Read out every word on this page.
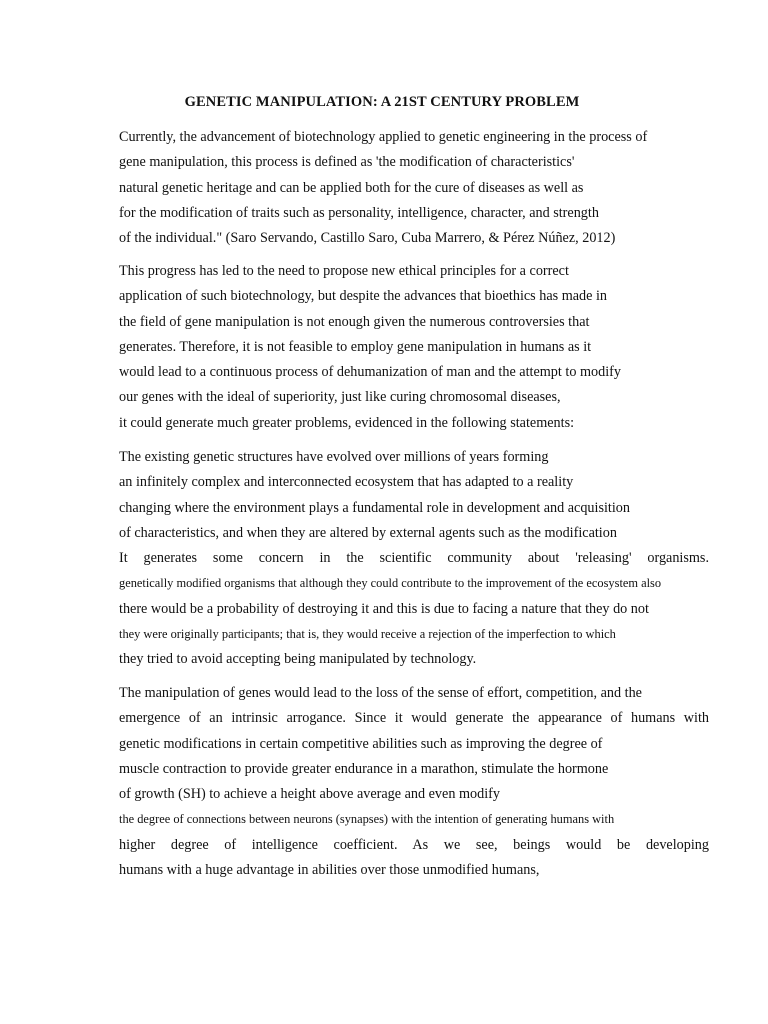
GENETIC MANIPULATION: A 21ST CENTURY PROBLEM
Currently, the advancement of biotechnology applied to genetic engineering in the process of
gene manipulation, this process is defined as 'the modification of characteristics'
natural genetic heritage and can be applied both for the cure of diseases as well as
for the modification of traits such as personality, intelligence, character, and strength
of the individual." (Saro Servando, Castillo Saro, Cuba Marrero, & Pérez Núñez, 2012)
This progress has led to the need to propose new ethical principles for a correct
application of such biotechnology, but despite the advances that bioethics has made in
the field of gene manipulation is not enough given the numerous controversies that
generates. Therefore, it is not feasible to employ gene manipulation in humans as it
would lead to a continuous process of dehumanization of man and the attempt to modify
our genes with the ideal of superiority, just like curing chromosomal diseases,
it could generate much greater problems, evidenced in the following statements:
The existing genetic structures have evolved over millions of years forming
an infinitely complex and interconnected ecosystem that has adapted to a reality
changing where the environment plays a fundamental role in development and acquisition
of characteristics, and when they are altered by external agents such as the modification
It generates some concern in the scientific community about 'releasing' organisms.
genetically modified organisms that although they could contribute to the improvement of the ecosystem also
there would be a probability of destroying it and this is due to facing a nature that they do not
they were originally participants; that is, they would receive a rejection of the imperfection to which
they tried to avoid accepting being manipulated by technology.
The manipulation of genes would lead to the loss of the sense of effort, competition, and the
emergence of an intrinsic arrogance. Since it would generate the appearance of humans with
genetic modifications in certain competitive abilities such as improving the degree of
muscle contraction to provide greater endurance in a marathon, stimulate the hormone
of growth (SH) to achieve a height above average and even modify
the degree of connections between neurons (synapses) with the intention of generating humans with
higher degree of intelligence coefficient. As we see, beings would be developing
humans with a huge advantage in abilities over those unmodified humans,
